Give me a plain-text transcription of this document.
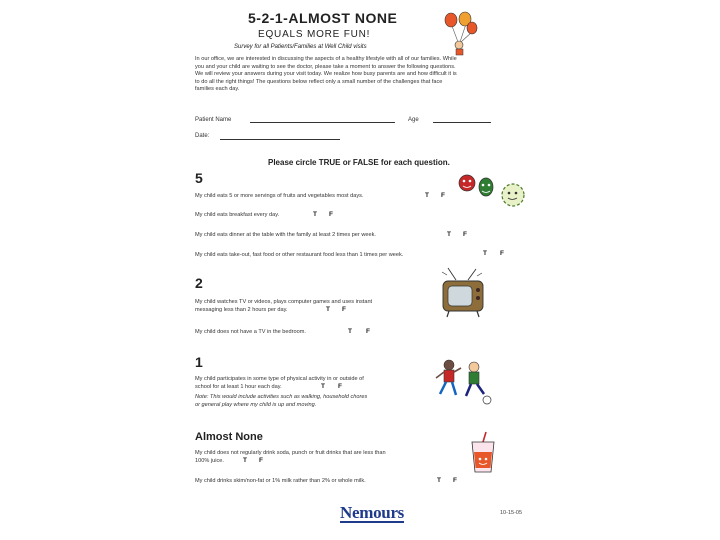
5-2-1-ALMOST NONE
EQUALS MORE FUN!
Survey for all Patients/Families at Well Child visits
In our office, we are interested in discussing the aspects of a healthy lifestyle with all of our families. While you and your child are waiting to see the doctor, please take a moment to answer the following questions. We will review your answers during your visit today. We realize how busy parents are and how difficult it is to do all the right things! The questions below reflect only a small number of the challenges that face families each day.
Patient Name	Age
Date:
Please circle TRUE or FALSE for each question.
5
My child eats 5 or more servings of fruits and vegetables most days.	T F
My child eats breakfast every day.	T F
My child eats dinner at the table with the family at least 2 times per week.	T F
My child eats take-out, fast food or other restaurant food less than 1 times per week.	T F
2
My child watches TV or videos, plays computer games and uses instant
messaging less than 2 hours per day.	T F
My child does not have a TV in the bedroom.	T F
1
My child participates in some type of physical activity in or outside of
school for at least 1 hour each day.	T F
Note: This would include activities such as walking, household chores
or general play where my child is up and moving.
Almost None
My child does not regularly drink soda, punch or fruit drinks that are less than
100% juice.	T F
My child drinks skim/non-fat or 1% milk rather than 2% or whole milk.	T F
Nemours	10-15-05
